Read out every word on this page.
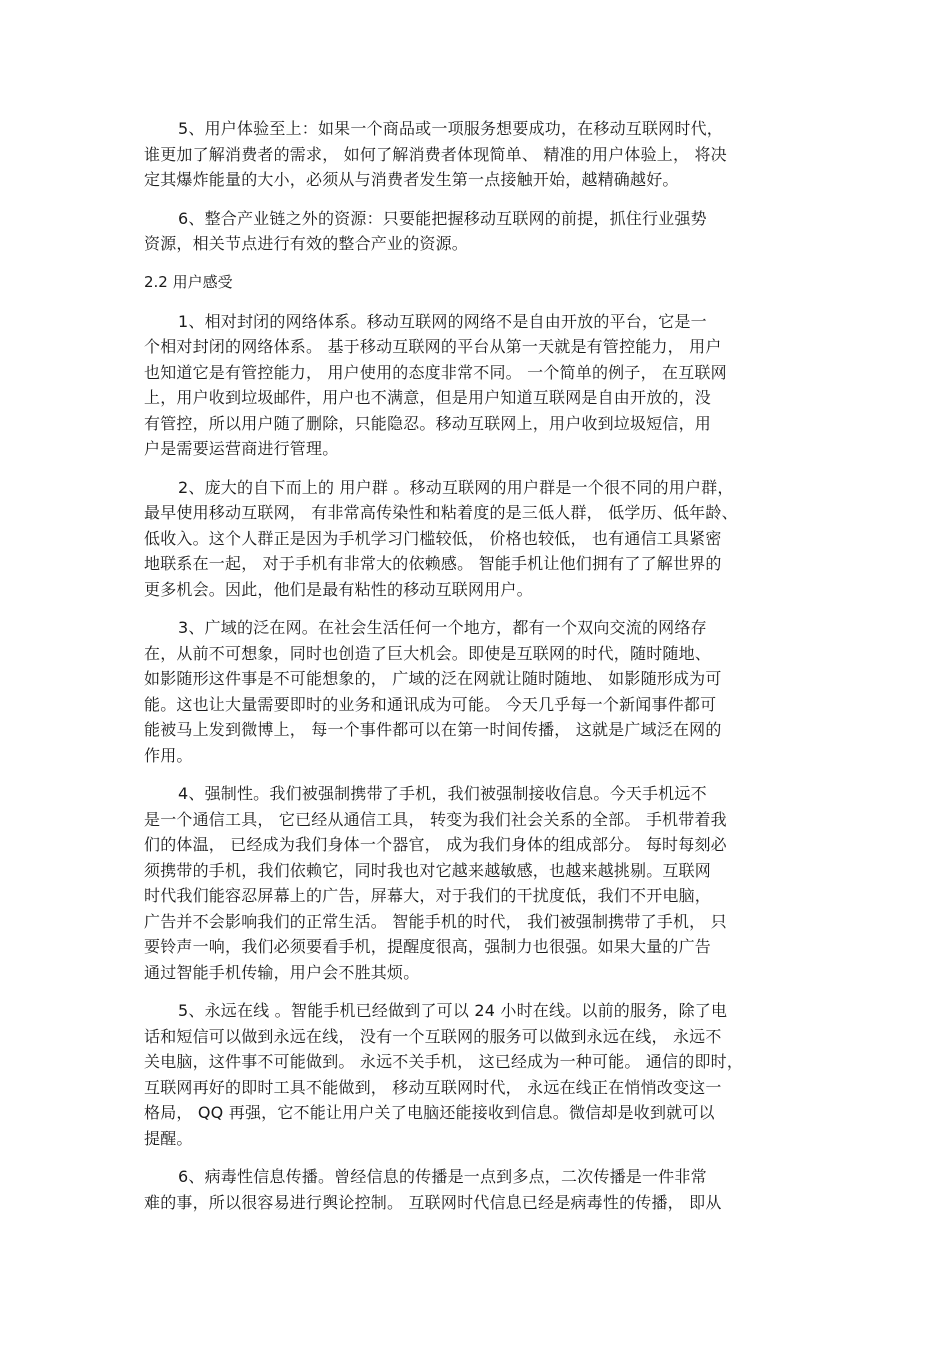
5、用户体验至上：如果一个商品或一项服务想要成功，在移动互联网时代，
谁更加了解消费者的需求， 如何了解消费者体现简单、 精准的用户体验上， 将决
定其爆炸能量的大小，必须从与消费者发生第一点接触开始，越精确越好。
6、整合产业链之外的资源：只要能把握移动互联网的前提，抓住行业强势
资源，相关节点进行有效的整合产业的资源。
2.2 用户感受
1、相对封闭的网络体系。移动互联网的网络不是自由开放的平台，它是一
个相对封闭的网络体系。 基于移动互联网的平台从第一天就是有管控能力， 用户
也知道它是有管控能力， 用户使用的态度非常不同。 一个简单的例子， 在互联网
上，用户收到垃圾邮件，用户也不满意，但是用户知道互联网是自由开放的，没
有管控，所以用户随了删除，只能隐忍。移动互联网上，用户收到垃圾短信，用
户是需要运营商进行管理。
2、庞大的自下而上的 用户群 。移动互联网的用户群是一个很不同的用户群，
最早使用移动互联网， 有非常高传染性和粘着度的是三低人群， 低学历、低年龄、
低收入。这个人群正是因为手机学习门槛较低， 价格也较低， 也有通信工具紧密
地联系在一起， 对于手机有非常大的依赖感。 智能手机让他们拥有了了解世界的
更多机会。因此，他们是最有粘性的移动互联网用户。
3、广域的泛在网。在社会生活任何一个地方，都有一个双向交流的网络存
在，从前不可想象，同时也创造了巨大机会。即使是互联网的时代，随时随地、
如影随形这件事是不可能想象的， 广域的泛在网就让随时随地、 如影随形成为可
能。这也让大量需要即时的业务和通讯成为可能。 今天几乎每一个新闻事件都可
能被马上发到微博上， 每一个事件都可以在第一时间传播， 这就是广域泛在网的
作用。
4、强制性。我们被强制携带了手机，我们被强制接收信息。今天手机远不
是一个通信工具， 它已经从通信工具， 转变为我们社会关系的全部。 手机带着我
们的体温， 已经成为我们身体一个器官， 成为我们身体的组成部分。 每时每刻必
须携带的手机，我们依赖它，同时我也对它越来越敏感，也越来越挑剔。互联网
时代我们能容忍屏幕上的广告，屏幕大，对于我们的干扰度低，我们不开电脑，
广告并不会影响我们的正常生活。 智能手机的时代， 我们被强制携带了手机， 只
要铃声一响，我们必须要看手机，提醒度很高，强制力也很强。如果大量的广告
通过智能手机传输，用户会不胜其烦。
5、永远在线 。智能手机已经做到了可以 24 小时在线。以前的服务，除了电
话和短信可以做到永远在线， 没有一个互联网的服务可以做到永远在线， 永远不
关电脑，这件事不可能做到。 永远不关手机， 这已经成为一种可能。 通信的即时，
互联网再好的即时工具不能做到， 移动互联网时代， 永远在线正在悄悄改变这一
格局， QQ 再强，它不能让用户关了电脑还能接收到信息。微信却是收到就可以
提醒。
6、病毒性信息传播。曾经信息的传播是一点到多点，二次传播是一件非常
难的事，所以很容易进行舆论控制。 互联网时代信息已经是病毒性的传播， 即从
